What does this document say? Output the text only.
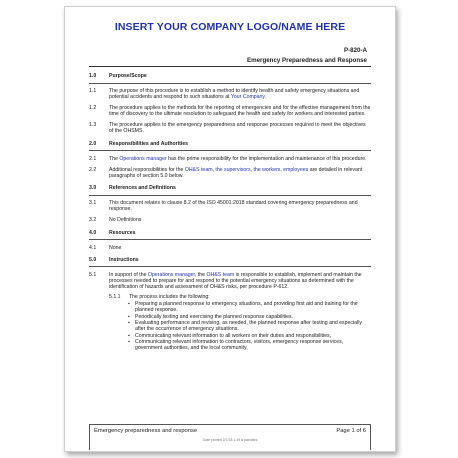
INSERT YOUR COMPANY LOGO/NAME HERE
P-820-A
Emergency Preparedness and Response
1.0	Purpose/Scope
1.1	The purpose of this procedure is to establish a method to identify health and safety emergency situations and potential accidents and respond to such situations at Your Company.
1.2	The procedure applies to the methods for the reporting of emergencies and for the effective management from the time of discovery to the ultimate resolution to safeguard the health and safety for workers and interested parties.
1.3	The procedure applies to the emergency preparedness and response processes required to meet the objectives of the OHSMS.
2.0	Responsibilities and Authorities
2.1	The Operations manager has the prime responsibility for the implementation and maintenance of this procedure.
2.2	Additional responsibilities for the OH&S team, the supervisors, the workers, employees are detailed in relevant paragraphs of section 5.0 below.
3.0	References and Definitions
3.1	This document relates to clause 8.2 of the ISO 45001:2018 standard covering emergency preparedness and response.
3.2	No Definitions
4.0	Resources
4.1	None
5.0	Instructions
5.1	In support of the Operations manager, the OH&S team is responsible to establish, implement and maintain the processes needed to prepare for and respond to the potential emergency situations as determined with the identification of hazards and assessment of OH&S risks, per procedure P-612.
5.1.1	The process includes the following:
▪ Preparing a planned response to emergency situations, and providing first aid and training for the planned response.
▪ Periodically testing and exercising the planned response capabilities.
▪ Evaluating performance and revising, as needed, the planned response after testing and especially after the occurrence of emergency situations.
▪ Communicating relevant information to all workers on their duties and responsibilities,
▪ Communicating relevant information to contractors, visitors, emergency response services, government authorities, and the local community,
Emergency preparedness and response	Page 1 of 6
Date printed 2/7/18 1:39 a paedites
